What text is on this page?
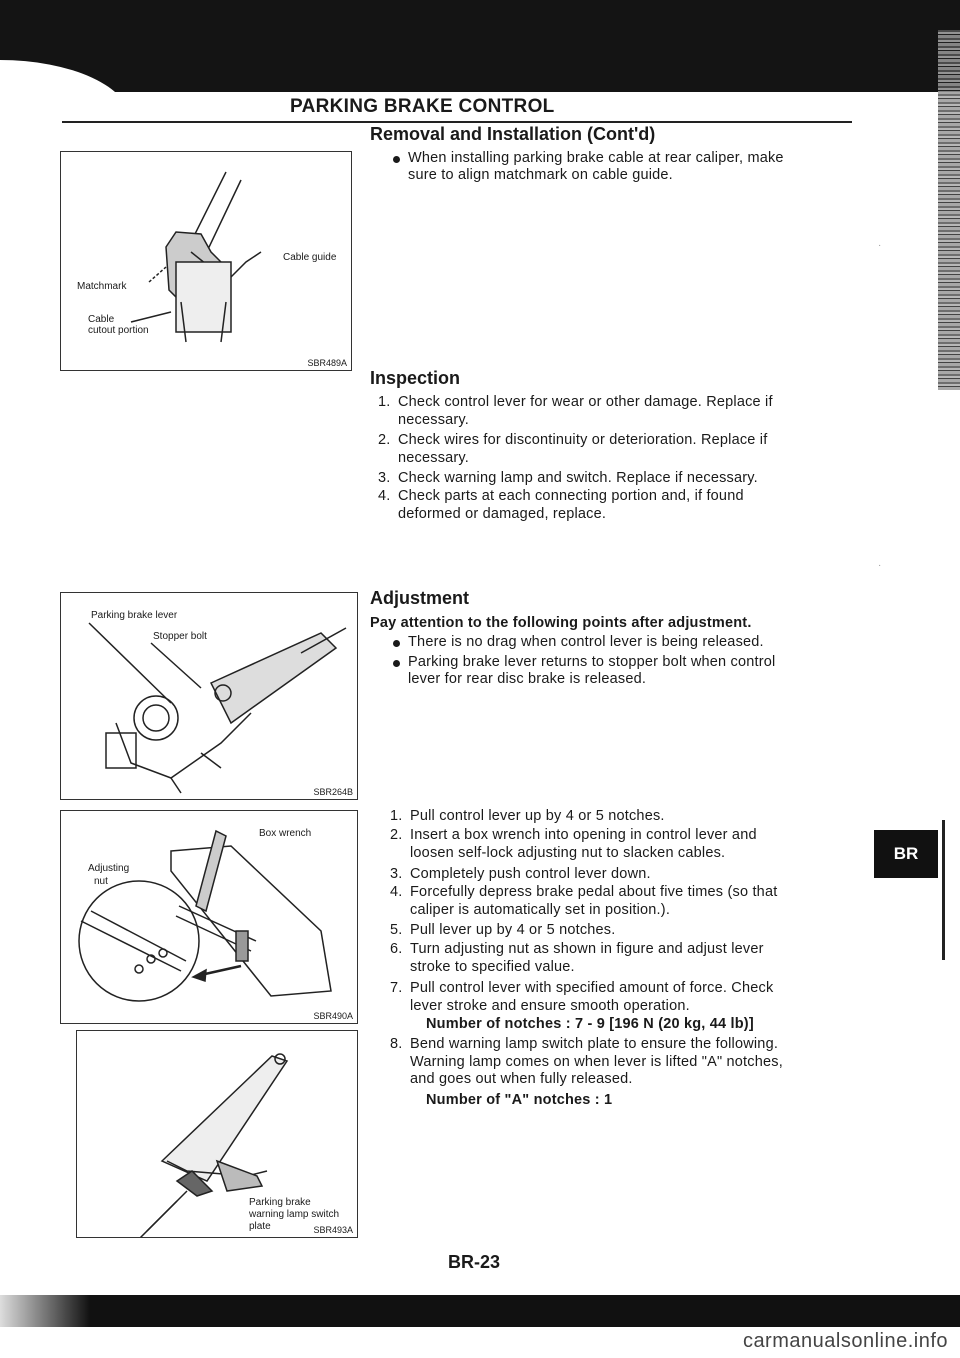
PARKING BRAKE CONTROL
Matchmark
Cable guide
Cable
cutout portion
SBR489A
Parking brake lever
Stopper bolt
SBR264B
Box wrench
Adjusting
nut
SBR490A
Parking brake
warning lamp switch
plate	SBR493A
Removal and Installation (Cont'd)
When installing parking brake cable at rear caliper, make
sure to align matchmark on cable guide.
Inspection
1. Check control lever for wear or other damage. Replace if
necessary.
2. Check wires for discontinuity or deterioration. Replace if
necessary.
3. Check warning lamp and switch. Replace if necessary.
4. Check parts at each connecting portion and, if found
deformed or damaged, replace.
Adjustment
Pay attention to the following points after adjustment.
There is no drag when control lever is being released.
Parking brake lever returns to stopper bolt when control
lever for rear disc brake is released.
1. Pull control lever up by 4 or 5 notches.
2. Insert a box wrench into opening in control lever and
loosen self-lock adjusting nut to slacken cables.
3. Completely push control lever down.
4. Forcefully depress brake pedal about five times (so that
caliper is automatically set in position.).
5. Pull lever up by 4 or 5 notches.
6. Turn adjusting nut as shown in figure and adjust lever
stroke to specified value.
7. Pull control lever with specified amount of force. Check
lever stroke and ensure smooth operation.
Number of notches : 7 - 9 [196 N (20 kg, 44 lb)]
8. Bend warning lamp switch plate to ensure the following.
Warning lamp comes on when lever is lifted "A" notches,
and goes out when fully released.
Number of "A" notches : 1
BR
·
·
BR-23
carmanualsonline.info
